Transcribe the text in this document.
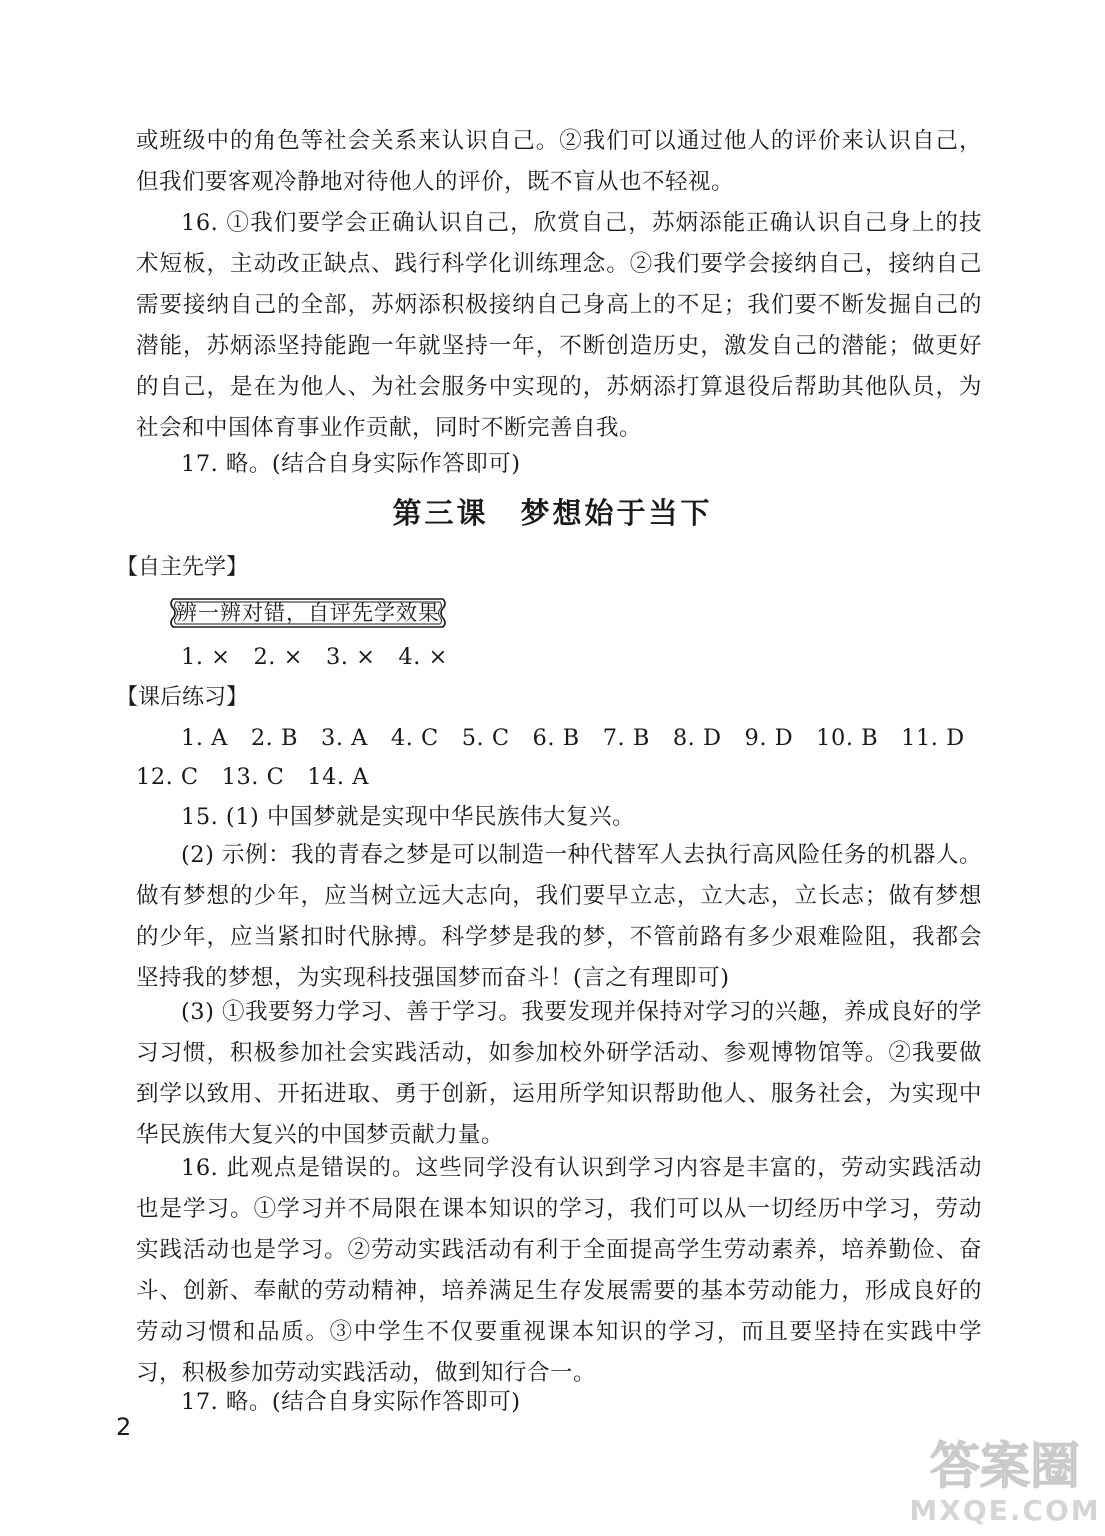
或班级中的角色等社会关系来认识自己。②我们可以通过他人的评价来认识自己，但我们要客观冷静地对待他人的评价，既不盲从也不轻视。

16. ①我们要学会正确认识自己，欣赏自己，苏炳添能正确认识自己身上的技术短板，主动改正缺点、践行科学化训练理念。②我们要学会接纳自己，接纳自己需要接纳自己的全部，苏炳添积极接纳自己身高上的不足；我们要不断发掘自己的潜能，苏炳添坚持能跑一年就坚持一年，不断创造历史，激发自己的潜能；做更好的自己，是在为他人、为社会服务中实现的，苏炳添打算退役后帮助其他队员，为社会和中国体育事业作贡献，同时不断完善自我。

17. 略。(结合自身实际作答即可)

第三课　梦想始于当下

【自主先学】

辨一辨对错，自评先学效果

1. ×　2. ×　3. ×　4. ×

【课后练习】

1. A　2. B　3. A　4. C　5. C　6. B　7. B　8. D　9. D　10. B　11. D

12. C　13. C　14. A

15. (1) 中国梦就是实现中华民族伟大复兴。

(2) 示例：我的青春之梦是可以制造一种代替军人去执行高风险任务的机器人。做有梦想的少年，应当树立远大志向，我们要早立志，立大志，立长志；做有梦想的少年，应当紧扣时代脉搏。科学梦是我的梦，不管前路有多少艰难险阻，我都会坚持我的梦想，为实现科技强国梦而奋斗！(言之有理即可)

(3) ①我要努力学习、善于学习。我要发现并保持对学习的兴趣，养成良好的学习习惯，积极参加社会实践活动，如参加校外研学活动、参观博物馆等。②我要做到学以致用、开拓进取、勇于创新，运用所学知识帮助他人、服务社会，为实现中华民族伟大复兴的中国梦贡献力量。

16. 此观点是错误的。这些同学没有认识到学习内容是丰富的，劳动实践活动也是学习。①学习并不局限在课本知识的学习，我们可以从一切经历中学习，劳动实践活动也是学习。②劳动实践活动有利于全面提高学生劳动素养，培养勤俭、奋斗、创新、奉献的劳动精神，培养满足生存发展需要的基本劳动能力，形成良好的劳动习惯和品质。③中学生不仅要重视课本知识的学习，而且要坚持在实践中学习，积极参加劳动实践活动，做到知行合一。

17. 略。(结合自身实际作答即可)

2
答案圈
MXQE.COM
